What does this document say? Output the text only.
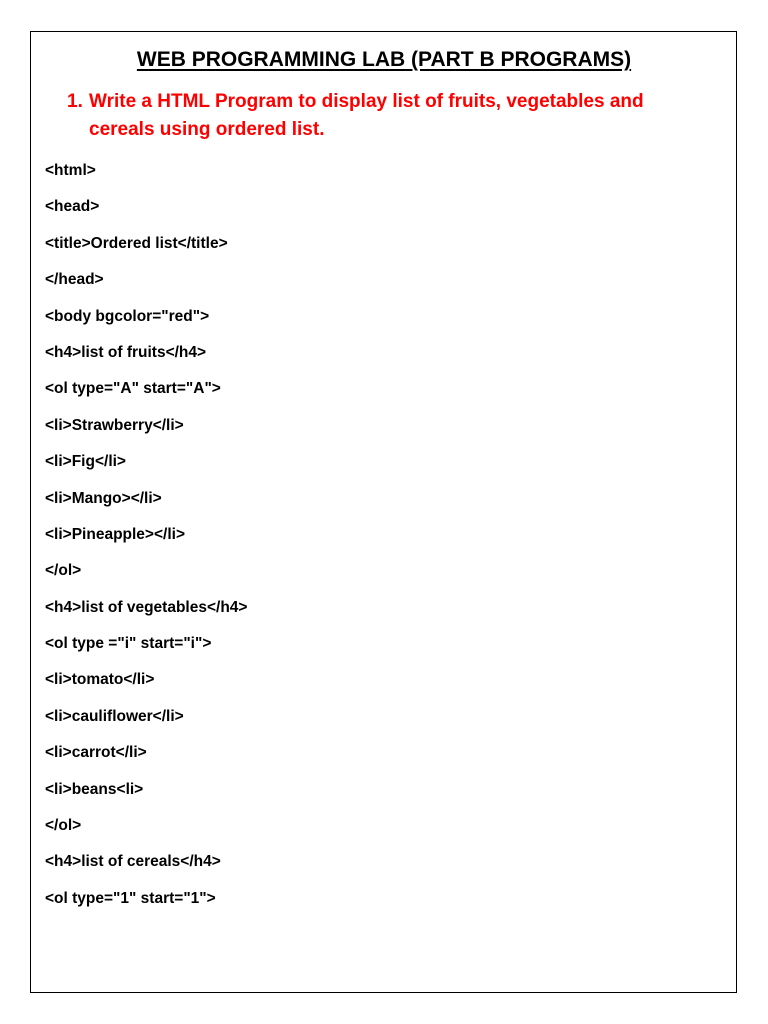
WEB PROGRAMMING LAB (PART B PROGRAMS)
1. Write a HTML Program to display list of fruits, vegetables and cereals using ordered list.
<html>
<head>
<title>Ordered list</title>
</head>
<body bgcolor="red">
<h4>list of fruits</h4>
<ol type="A" start="A">
<li>Strawberry</li>
<li>Fig</li>
<li>Mango></li>
<li>Pineapple></li>
</ol>
<h4>list of vegetables</h4>
<ol type ="i" start="i">
<li>tomato</li>
<li>cauliflower</li>
<li>carrot</li>
<li>beans<li>
</ol>
<h4>list of cereals</h4>
<ol type="1" start="1">
